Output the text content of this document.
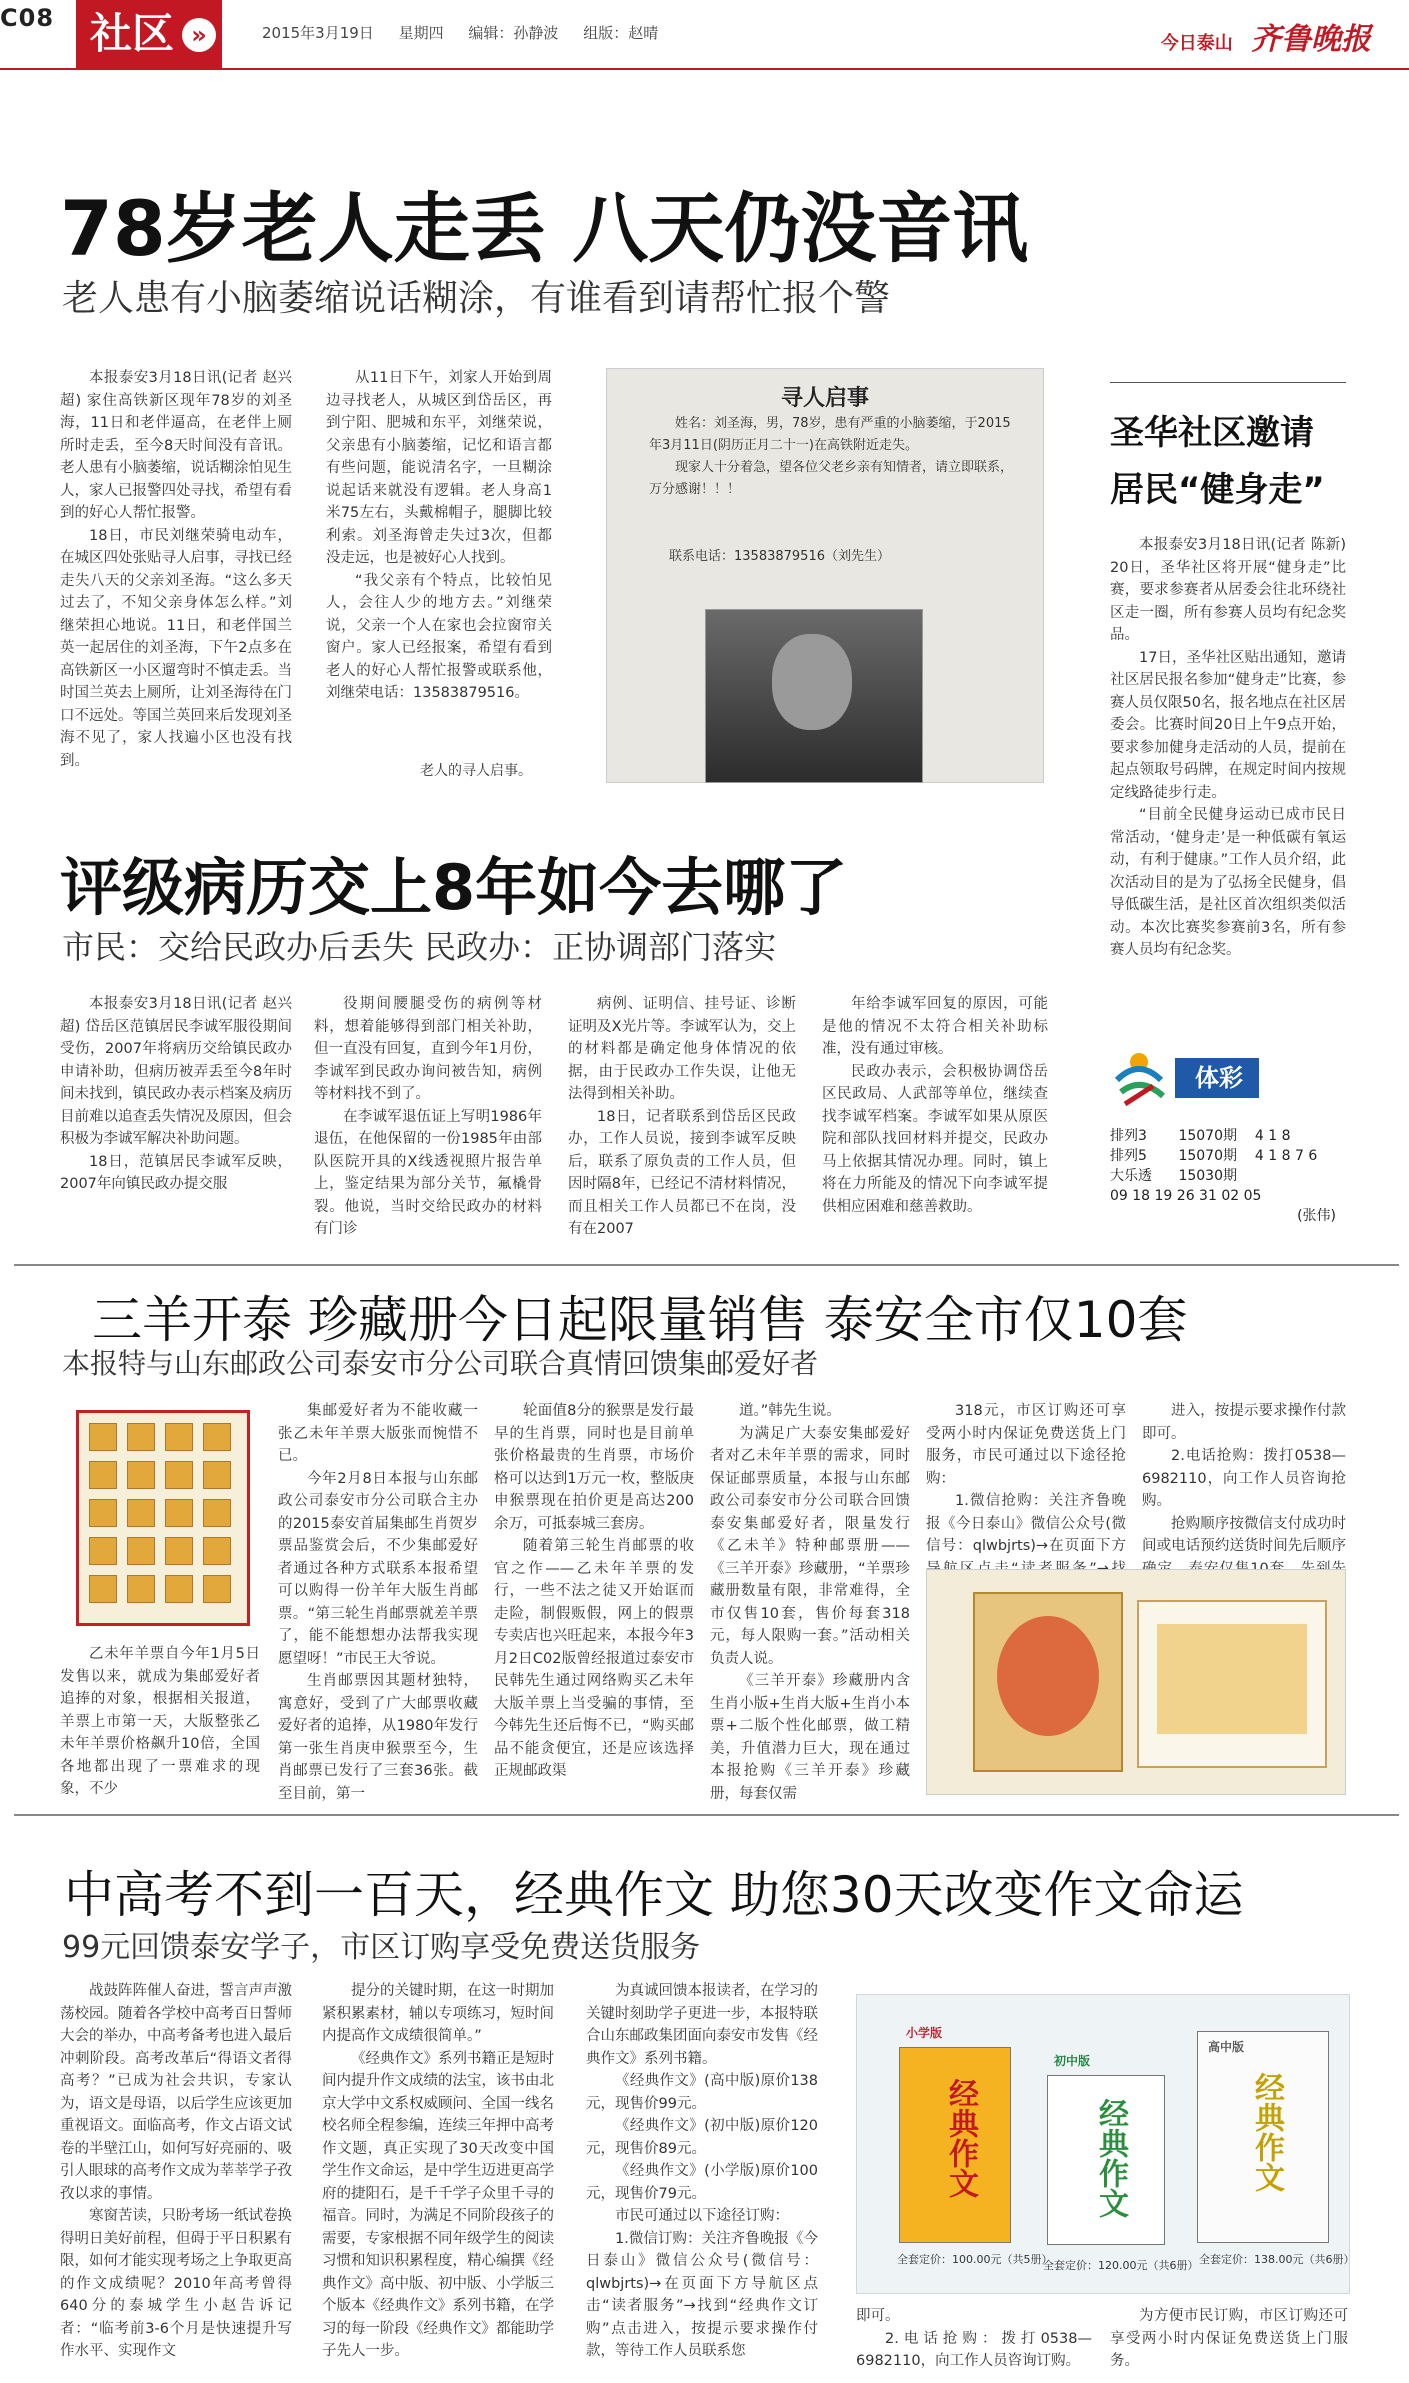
C08 社区 »	2015年3月19日 星期四 编辑：孙静波 组版：赵晴	今日泰山 齐鲁晚报
78岁老人走丢 八天仍没音讯
老人患有小脑萎缩说话糊涂，有谁看到请帮忙报个警

本报泰安3月18日讯(记者 赵兴超) 家住高铁新区现年78岁的刘圣海，11日和老伴逼高，在老伴上厕所时走丢，至今8天时间没有音讯。老人患有小脑萎缩，说话糊涂怕见生人，家人已报警四处寻找，希望有看到的好心人帮忙报警。

18日，市民刘继荣骑电动车，在城区四处张贴寻人启事，寻找已经走失八天的父亲刘圣海。“这么多天过去了，不知父亲身体怎么样。”刘继荣担心地说。11日，和老伴国兰英一起居住的刘圣海，下午2点多在高铁新区一小区遛弯时不慎走丢。当时国兰英去上厕所，让刘圣海待在门口不远处。等国兰英回来后发现刘圣海不见了，家人找遍小区也没有找到。

从11日下午，刘家人开始到周边寻找老人，从城区到岱岳区，再到宁阳、肥城和东平，刘继荣说，父亲患有小脑萎缩，记忆和语言都有些问题，能说清名字，一旦糊涂说起话来就没有逻辑。老人身高1米75左右，头戴棉帽子，腿脚比较利索。刘圣海曾走失过3次，但都没走远，也是被好心人找到。

“我父亲有个特点，比较怕见人，会往人少的地方去。”刘继荣说，父亲一个人在家也会拉窗帘关窗户。家人已经报案，希望有看到老人的好心人帮忙报警或联系他，刘继荣电话：13583879516。

老人的寻人启事。
寻人启事

姓名：刘圣海，男，78岁，患有严重的小脑萎缩，于2015年3月11日(阴历正月二十一)在高铁附近走失。

现家人十分着急，望各位父老乡亲有知情者，请立即联系，万分感谢！！！

联系电话：13583879516（刘先生）
圣华社区邀请
居民“健身走”

本报泰安3月18日讯(记者 陈新) 20日，圣华社区将开展“健身走”比赛，要求参赛者从居委会往北环绕社区走一圈，所有参赛人员均有纪念奖品。

17日，圣华社区贴出通知，邀请社区居民报名参加“健身走”比赛，参赛人员仅限50名，报名地点在社区居委会。比赛时间20日上午9点开始，要求参加健身走活动的人员，提前在起点领取号码牌，在规定时间内按规定线路徒步行走。

“目前全民健身运动已成市民日常活动，‘健身走’是一种低碳有氧运动，有利于健康。”工作人员介绍，此次活动目的是为了弘扬全民健身，倡导低碳生活，是社区首次组织类似活动。本次比赛奖参赛前3名，所有参赛人员均有纪念奖。

评级病历交上8年如今去哪了
市民：交给民政办后丢失 民政办：正协调部门落实

本报泰安3月18日讯(记者 赵兴超) 岱岳区范镇居民李诚军服役期间受伤，2007年将病历交给镇民政办申请补助，但病历被弄丢至今8年时间未找到，镇民政办表示档案及病历目前难以追查丢失情况及原因，但会积极为李诚军解决补助问题。

18日，范镇居民李诚军反映，2007年向镇民政办提交服

役期间腰腿受伤的病例等材料，想着能够得到部门相关补助，但一直没有回复，直到今年1月份，李诚军到民政办询问被告知，病例等材料找不到了。

在李诚军退伍证上写明1986年退伍，在他保留的一份1985年由部队医院开具的X线透视照片报告单上，鉴定结果为部分关节，氟橇骨裂。他说，当时交给民政办的材料有门诊

病例、证明信、挂号证、诊断证明及X光片等。李诚军认为，交上的材料都是确定他身体情况的依据，由于民政办工作失误，让他无法得到相关补助。

18日，记者联系到岱岳区民政办，工作人员说，接到李诚军反映后，联系了原负责的工作人员，但因时隔8年，已经记不清材料情况，而且相关工作人员都已不在岗，没有在2007

年给李诚军回复的原因，可能是他的情况不太符合相关补助标准，没有通过审核。

民政办表示，会积极协调岱岳区民政局、人武部等单位，继续查找李诚军档案。李诚军如果从原医院和部队找回材料并提交，民政办马上依据其情况办理。同时，镇上将在力所能及的情况下向李诚军提供相应困难和慈善救助。

体彩
排列3 15070期 4 1 8
排列5 15070期 4 1 8 7 6
大乐透 15030期
09 18 19 26 31 02 05
(张伟)
三羊开泰 珍藏册今日起限量销售 泰安全市仅10套
本报特与山东邮政公司泰安市分公司联合真情回馈集邮爱好者

乙未年羊票自今年1月5日发售以来，就成为集邮爱好者追捧的对象，根据相关报道，羊票上市第一天，大版整张乙未年羊票价格飙升10倍，全国各地都出现了一票难求的现象，不少

集邮爱好者为不能收藏一张乙未年羊票大版张而惋惜不已。

今年2月8日本报与山东邮政公司泰安市分公司联合主办的2015泰安首届集邮生肖贺岁票品鉴赏会后，不少集邮爱好者通过各种方式联系本报希望可以购得一份羊年大版生肖邮票。“第三轮生肖邮票就差羊票了，能不能想想办法帮我实现愿望呀！”市民王大爷说。

生肖邮票因其题材独特，寓意好，受到了广大邮票收藏爱好者的追捧，从1980年发行第一张生肖庚申猴票至今，生肖邮票已发行了三套36张。截至目前，第一

轮面值8分的猴票是发行最早的生肖票，同时也是目前单张价格最贵的生肖票，市场价格可以达到1万元一枚，整版庚申猴票现在拍价更是高达200余万，可抵泰城三套房。

随着第三轮生肖邮票的收官之作——乙未年羊票的发行，一些不法之徒又开始诓而走险，制假贩假，网上的假票专卖店也兴旺起来，本报今年3月2日C02版曾经报道过泰安市民韩先生通过网络购买乙未年大版羊票上当受骗的事情，至今韩先生还后悔不已，“购买邮品不能贪便宜，还是应该选择正规邮政渠

道。”韩先生说。

为满足广大泰安集邮爱好者对乙未年羊票的需求，同时保证邮票质量，本报与山东邮政公司泰安市分公司联合回馈泰安集邮爱好者，限量发行《乙未羊》特种邮票册——《三羊开泰》珍藏册，“羊票珍藏册数量有限，非常难得，全市仅售10套，售价每套318元，每人限购一套。”活动相关负责人说。

《三羊开泰》珍藏册内含生肖小版+生肖大版+生肖小本票+二版个性化邮票，做工精美，升值潜力巨大，现在通过本报抢购《三羊开泰》珍藏册，每套仅需

318元，市区订购还可享受两小时内保证免费送货上门服务，市民可通过以下途径抢购：

1.微信抢购：关注齐鲁晚报《今日泰山》微信公众号(微信号：qlwbjrts)→在页面下方

进入，按提示要求操作付款即可。

2.电话抢购：拨打0538—6982110，向工作人员咨询抢购。

抢购顺序按微信支付成功时间或电话预约送货时间先后顺序

中高考不到一百天，经典作文 助您30天改变作文命运
99元回馈泰安学子，市区订购享受免费送货服务

战鼓阵阵催人奋进，誓言声声激荡校园。随着各学校中高考百日誓师大会的举办，中高考备考也进入最后冲刺阶段。高考改革后“得语文者得高考？”已成为社会共识，专家认为，语文是母语，以后学生应该更加重视语文。面临高考，作文占语文试卷的半壁江山，如何写好亮丽的、吸引人眼球的高考作文成为莘莘学子孜孜以求的事情。

寒窗苦读，只盼考场一纸试卷换得明日美好前程，但碍于平日积累有限，如何才能实现考场之上争取更高的作文成绩呢？2010年高考曾得640分的泰城学生小赵告诉记者：“临考前3-6个月是快速提升写作水平、实现作文

提分的关键时期，在这一时期加紧积累素材，辅以专项练习，短时间内提高作文成绩很简单。”

《经典作文》系列书籍正是短时间内提升作文成绩的法宝，该书由北京大学中文系权威顾问、全国一线名校名师全程参编，连续三年押中高考作文题，真正实现了30天改变中国学生作文命运，是中学生迈进更高学府的捷阳石，是千千学子众里千寻的福音。同时，为满足不同阶段孩子的需要，专家根据不同年级学生的阅读习惯和知识积累程度，精心编撰《经典作文》高中版、初中版、小学版三个版本《经典作文》系列书籍，在学习的每一阶段《经典作文》都能助学子先人一步。

为真诚回馈本报读者，在学习的关键时刻助学子更进一步，本报特联合山东邮政集团面向泰安市发售《经典作文》系列书籍。

《经典作文》(高中版)原价138元，现售价99元。

《经典作文》(初中版)原价120元，现售价89元。

《经典作文》(小学版)原价100元，现售价79元。

市民可通过以下途径订购：

1.微信订购：关注齐鲁晚报《今日泰山》微信公众号(微信号：qlwbjrts)→在页面下方导航区点击“读者服务”→找到“经典作文订购”点击进入，按提示要求操作付款，等待工作人员联系您

即可。

2.电话抢购：拨打0538—6982110，向工作人员咨询订购。

为方便市民订购，市区订购还可享受两小时内保证免费送货上门服务。

小学版
经典作文
全套定价：100.00元（共5册）
初中版
经典作文
全套定价：120.00元（共6册）
高中版
经典作文
全套定价：138.00元（共6册）
